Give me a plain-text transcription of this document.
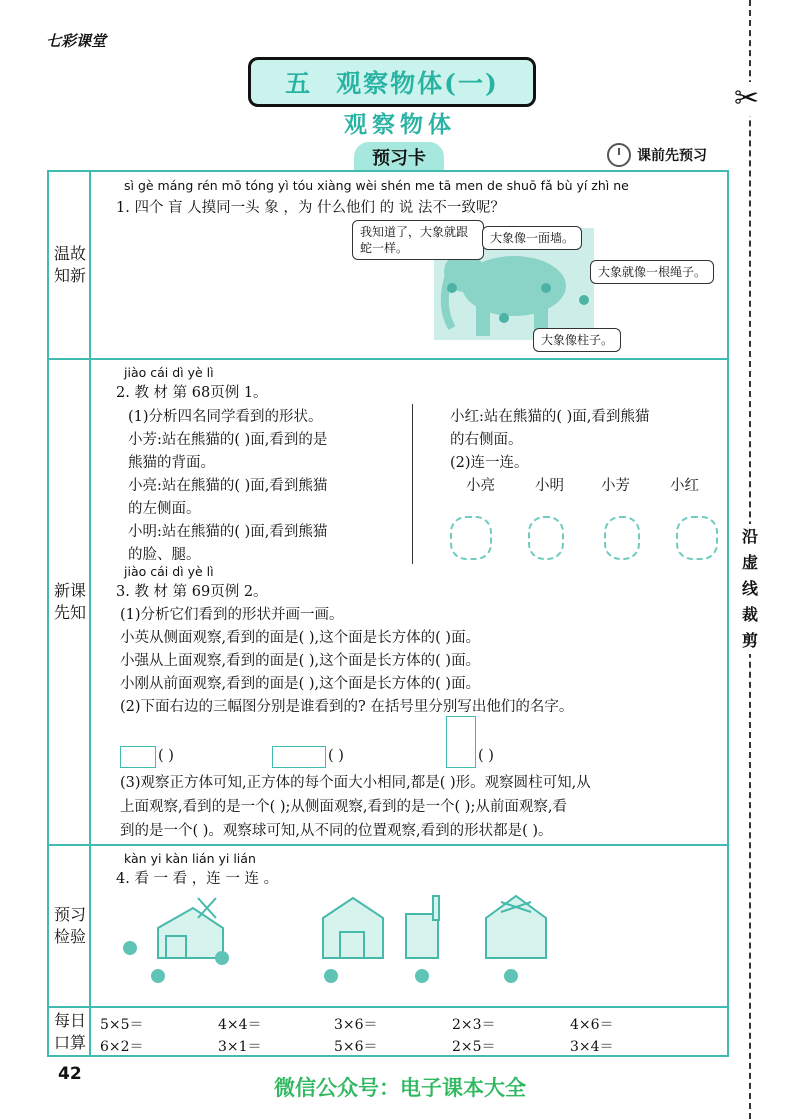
七彩课堂
五 观察物体(一)
观察物体
预习卡	课前先预习
✂
沿虚线裁剪
温故知新
新课先知
预习检验
每日口算
sì gè máng rén mō tóng yì tóu xiàng wèi shén me tā men de shuō fǎ bù yí zhì ne
1. 四个 盲 人摸同一头 象 ，为 什么他们 的 说 法不一致呢？
我知道了，大象就跟蛇一样。
大象像一面墙。
大象就像一根绳子。
大象像柱子。
jiào cái dì yè lì
2. 教 材 第 68页例 1。
(1)分析四名同学看到的形状。
小芳:站在熊猫的( )面,看到的是
熊猫的背面。
小亮:站在熊猫的( )面,看到熊猫
的左侧面。
小明:站在熊猫的( )面,看到熊猫
的脸、腿。
小红:站在熊猫的( )面,看到熊猫
的右侧面。
(2)连一连。
小亮	小明	小芳	小红
jiào cái dì yè lì
3. 教 材 第 69页例 2。
(1)分析它们看到的形状并画一画。
小英从侧面观察,看到的面是( ),这个面是长方体的( )面。
小强从上面观察,看到的面是( ),这个面是长方体的( )面。
小刚从前面观察,看到的面是( ),这个面是长方体的( )面。
(2)下面右边的三幅图分别是谁看到的? 在括号里分别写出他们的名字。
( )	( )	( )
(3)观察正方体可知,正方体的每个面大小相同,都是( )形。观察圆柱可知,从
上面观察,看到的是一个( );从侧面观察,看到的是一个( );从前面观察,看
到的是一个( )。观察球可知,从不同的位置观察,看到的形状都是( )。
kàn yi kàn lián yi lián
4. 看 一 看 ，连 一 连 。
5×5＝	4×4＝	3×6＝	2×3＝	4×6＝
6×2＝	3×1＝	5×6＝	2×5＝	3×4＝
42
微信公众号：电子课本大全
